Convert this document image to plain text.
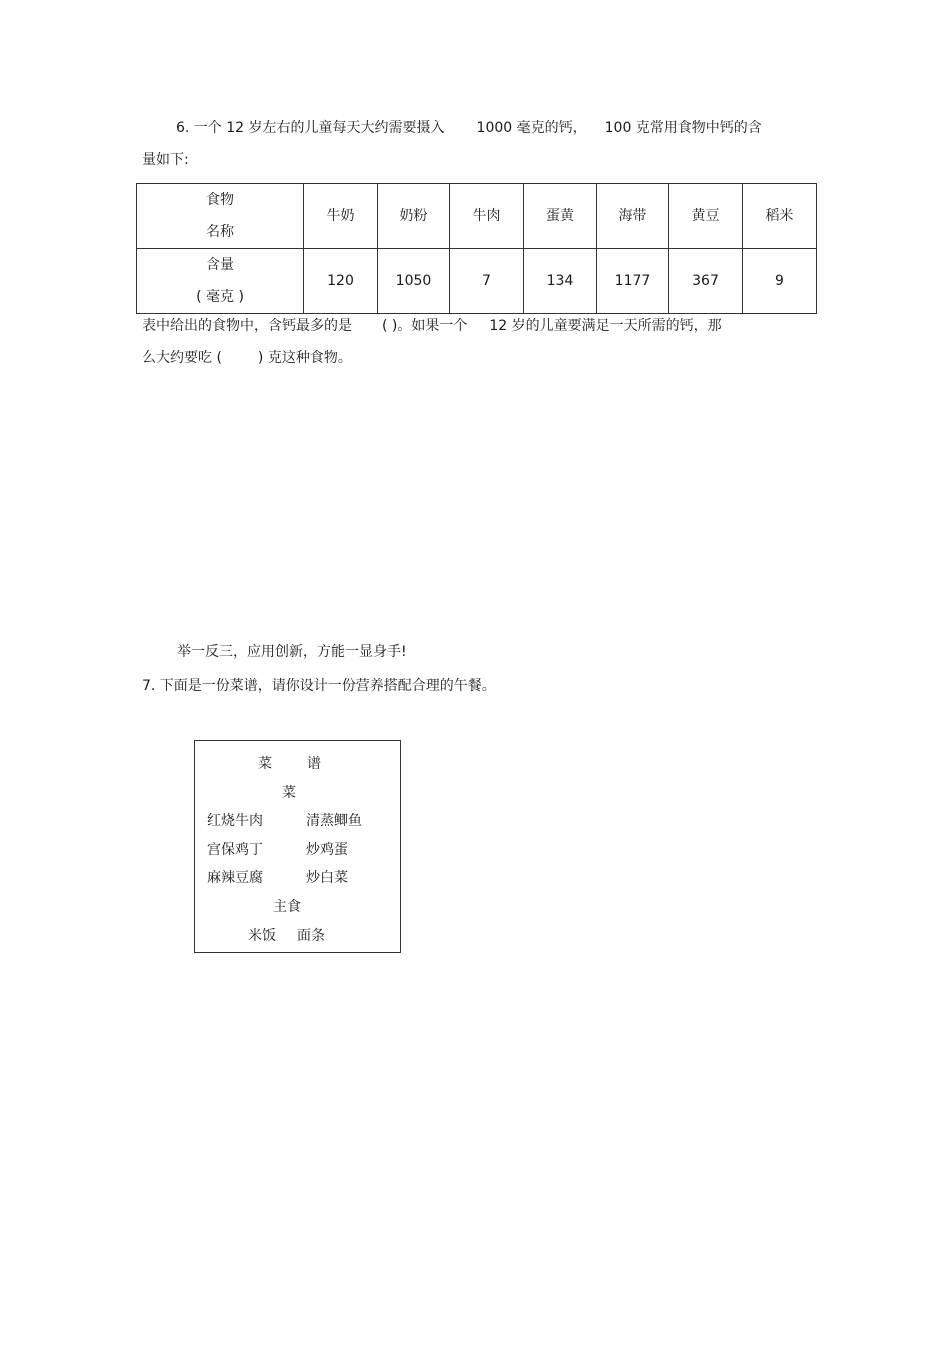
6. 一个 12 岁左右的儿童每天大约需要摄入 1000 毫克的钙， 100 克常用食物中钙的含
量如下:
食物
名称	牛奶	奶粉	牛肉	蛋黄	海带	黄豆	稻米

含量
( 毫克 )	120	1050	7	134	1177	367	9
表中给出的食物中，含钙最多的是 ( )。如果一个 12 岁的儿童要满足一天所需的钙，那
么大约要吃 (	) 克这种食物。
举一反三，应用创新，方能一显身手!
7. 下面是一份菜谱，请你设计一份营养搭配合理的午餐。
菜	谱
菜
红烧牛肉	清蒸鲫鱼
宫保鸡丁	炒鸡蛋
麻辣豆腐	炒白菜
主食
米饭 面条
